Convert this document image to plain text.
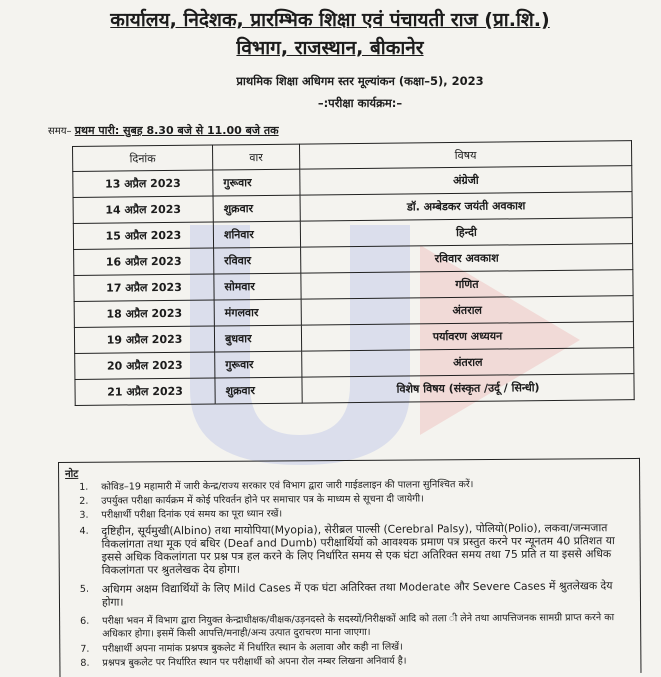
कार्यालय, निदेशक, प्रारम्भिक शिक्षा एवं पंचायती राज (प्रा.शि.)
विभाग, राजस्थान, बीकानेर
प्राथमिक शिक्षा अधिगम स्तर मूल्यांकन (कक्षा–5), 2023
–:परीक्षा कार्यक्रम:–
समय– प्रथम पारी: सुबह 8.30 बजे से 11.00 बजे तक
दिनांक	वार	विषय
13 अप्रैल 2023	गुरूवार	अंग्रेजी
14 अप्रैल 2023	शुक्रवार	डॉ. अम्बेडकर जयंती अवकाश
15 अप्रैल 2023	शनिवार	हिन्दी
16 अप्रैल 2023	रविवार	रविवार अवकाश
17 अप्रैल 2023	सोमवार	गणित
18 अप्रैल 2023	मंगलवार	अंतराल
19 अप्रैल 2023	बुधवार	पर्यावरण अध्ययन
20 अप्रैल 2023	गुरूवार	अंतराल
21 अप्रैल 2023	शुक्रवार	विशेष विषय (संस्कृत /उर्दू / सिन्धी)
नोट
1.	कोविड–19 महामारी में जारी केन्द्र/राज्य सरकार एवं विभाग द्वारा जारी गाईडलाइन की पालना सुनिश्चित करें।
2.	उपर्युक्त परीक्षा कार्यक्रम में कोई परिवर्तन होने पर समाचार पत्र के माध्यम से सूचना दी जायेगी।
3.	परीक्षार्थी परीक्षा दिनांक एवं समय का पूरा ध्यान रखें।
4.	दृष्टिहीन, सूर्यमुखी(Albino) तथा मायोपिया(Myopia), सेरीब्रल पाल्सी (Cerebral Palsy), पोलियो(Polio), लकवा/जन्मजात विकलांगता तथा मूक एवं बधिर (Deaf and Dumb) परीक्षार्थियों को आवश्यक प्रमाण पत्र प्रस्तुत करने पर न्यूनतम 40 प्रतिशत या इससे अधिक विकलांगता पर प्रश्न पत्र हल करने के लिए निर्धारित समय से एक घंटा अतिरिक्त समय तथा 75 प्रति त या इससे अधिक विकलांगता पर श्रुतलेखक देय होगा।
5.	अधिगम अक्षम विद्यार्थियों के लिए Mild Cases में एक घंटा अतिरिक्त तथा Moderate और Severe Cases में श्रुतलेखक देय होगा।
6.	परीक्षा भवन में विभाग द्वारा नियुक्त केन्द्राधीक्षक/वीक्षक/उड़नदस्ते के सदस्यों/निरीक्षकों आदि को तला ी लेने तथा आपत्तिजनक सामग्री प्राप्त करने का अधिकार होगा। इसमें किसी आपत्ति/मनाही/अन्य उत्पात दुराचरण माना जाएगा।
7.	परीक्षार्थी अपना नामांक प्रश्नपत्र बुकलेट में निर्धारित स्थान के अलावा और कही ना लिखें।
8.	प्रश्नपत्र बुकलेट पर निर्धारित स्थान पर परीक्षार्थी को अपना रोल नम्बर लिखना अनिवार्य है।
